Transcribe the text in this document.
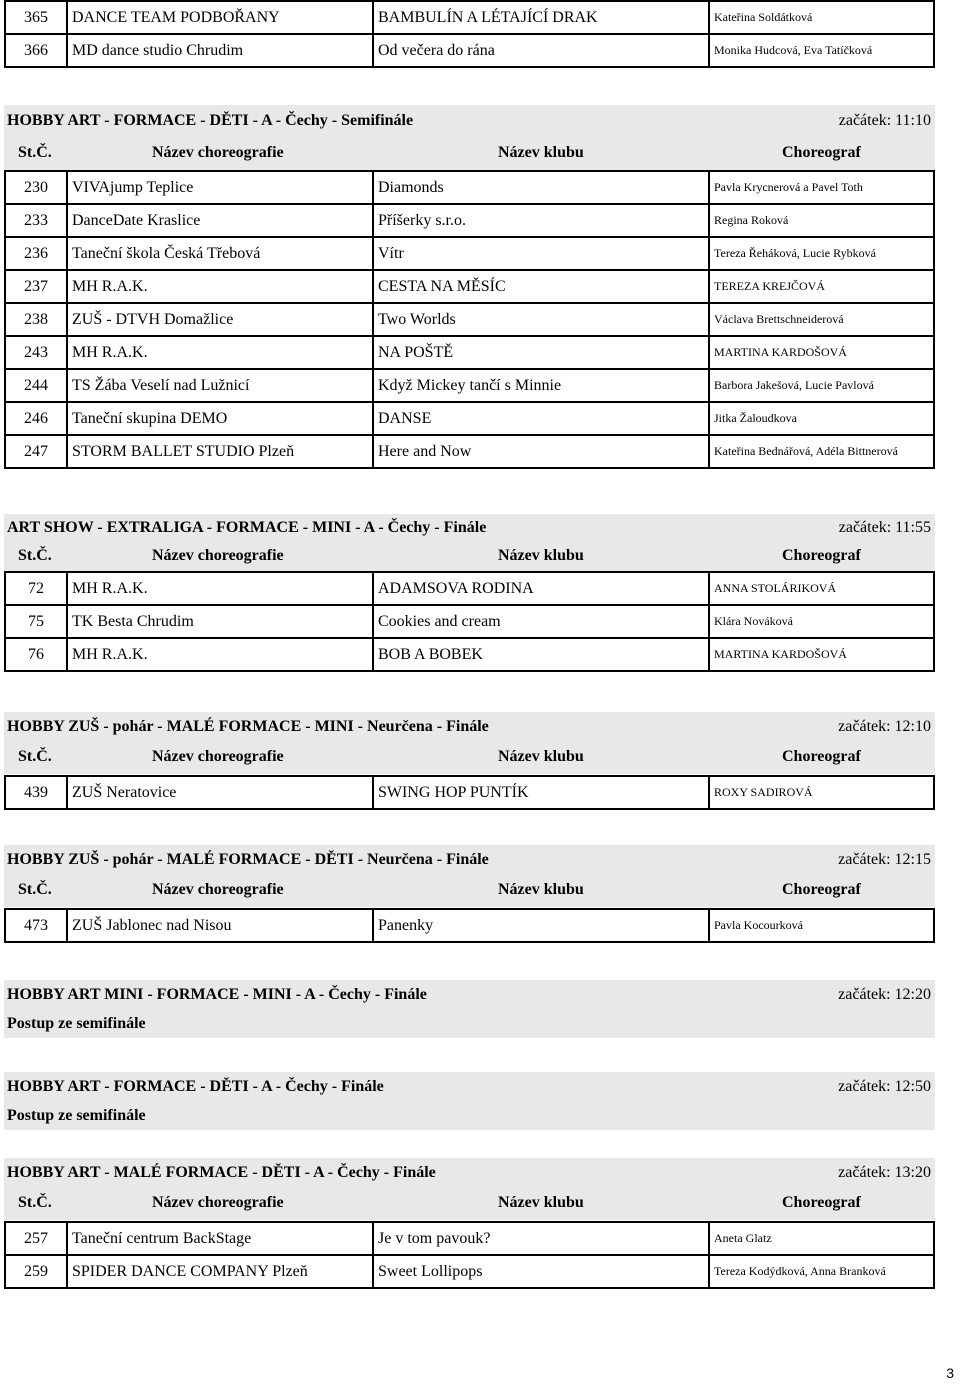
365	DANCE TEAM PODBOŘANY	BAMBULÍN A LÉTAJÍCÍ DRAK	Kateřina Soldátková
366	MD dance studio Chrudim	Od večera do rána	Monika Hudcová, Eva Tatíčková
HOBBY ART - FORMACE - DĚTI - A - Čechy - Semifinále	začátek: 11:10
St.Č.	Název choreografie	Název klubu	Choreograf
230	VIVAjump Teplice	Diamonds	Pavla Krycnerová a Pavel Toth
233	DanceDate Kraslice	Příšerky s.r.o.	Regina Roková
236	Taneční škola Česká Třebová	Vítr	Tereza Řeháková, Lucie Rybková
237	MH R.A.K.	CESTA NA MĚSÍC	TEREZA KREJČOVÁ
238	ZUŠ - DTVH Domažlice	Two Worlds	Václava Brettschneiderová
243	MH R.A.K.	NA POŠTĚ	MARTINA KARDOŠOVÁ
244	TS Žába Veselí nad Lužnicí	Když Mickey tančí s Minnie	Barbora Jakešová, Lucie Pavlová
246	Taneční skupina DEMO	DANSE	Jitka Žaloudkova
247	STORM BALLET STUDIO Plzeň	Here and Now	Kateřina Bednářová, Adéla Bittnerová
ART SHOW - EXTRALIGA - FORMACE - MINI - A - Čechy - Finále	začátek: 11:55
St.Č.	Název choreografie	Název klubu	Choreograf
72	MH R.A.K.	ADAMSOVA RODINA	ANNA STOLÁRIKOVÁ
75	TK Besta Chrudim	Cookies and cream	Klára Nováková
76	MH R.A.K.	BOB A BOBEK	MARTINA KARDOŠOVÁ
HOBBY ZUŠ - pohár - MALÉ FORMACE - MINI - Neurčena - Finále	začátek: 12:10
St.Č.	Název choreografie	Název klubu	Choreograf
439	ZUŠ Neratovice	SWING HOP PUNTÍK	ROXY SADIROVÁ
HOBBY ZUŠ - pohár - MALÉ FORMACE - DĚTI - Neurčena - Finále	začátek: 12:15
St.Č.	Název choreografie	Název klubu	Choreograf
473	ZUŠ Jablonec nad Nisou	Panenky	Pavla Kocourková
HOBBY ART MINI - FORMACE - MINI - A - Čechy - Finále	začátek: 12:20
Postup ze semifinále
HOBBY ART - FORMACE - DĚTI - A - Čechy - Finále	začátek: 12:50
Postup ze semifinále
HOBBY ART - MALÉ FORMACE - DĚTI - A - Čechy - Finále	začátek: 13:20
St.Č.	Název choreografie	Název klubu	Choreograf
257	Taneční centrum BackStage	Je v tom pavouk?	Aneta Glatz
259	SPIDER DANCE COMPANY Plzeň	Sweet Lollipops	Tereza Kodýdková, Anna Branková
3
